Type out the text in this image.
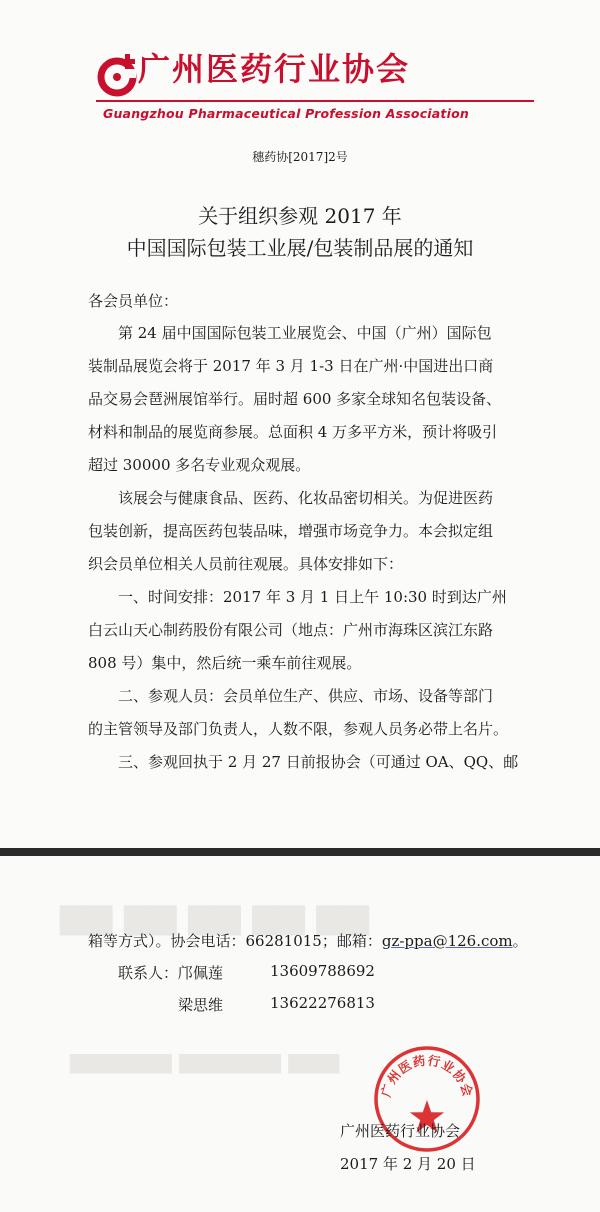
广州医药行业协会
Guangzhou Pharmaceutical Profession Association
穗药协[2017]2号
关于组织参观 2017 年
中国国际包装工业展/包装制品展的通知
各会员单位：
第 24 届中国国际包装工业展览会、中国（广州）国际包
装制品展览会将于 2017 年 3 月 1-3 日在广州·中国进出口商
品交易会琶洲展馆举行。届时超 600 多家全球知名包装设备、
材料和制品的展览商参展。总面积 4 万多平方米，预计将吸引
超过 30000 多名专业观众观展。
该展会与健康食品、医药、化妆品密切相关。为促进医药
包装创新，提高医药包装品味，增强市场竞争力。本会拟定组
织会员单位相关人员前往观展。具体安排如下：
一、时间安排：2017 年 3 月 1 日上午 10:30 时到达广州
白云山天心制药股份有限公司（地点：广州市海珠区滨江东路
808 号）集中，然后统一乘车前往观展。
二、参观人员：会员单位生产、供应、市场、设备等部门
的主管领导及部门负责人，人数不限，参观人员务必带上名片。
三、参观回执于 2 月 27 日前报协会（可通过 OA、QQ、邮
▆▆ ▆▆ ▆▆ ▆▆ ▆▆
▆▆▆ ▆▆▆▆▆▆ ▆▆▆▆▆▆
箱等方式）。协会电话：66281015；邮箱：gz-ppa@126.com。
联系人： 邝佩莲	13609788692
梁思维	13622276813
广州医药行业协会
广州医药行业协会
2017 年 2 月 20 日
